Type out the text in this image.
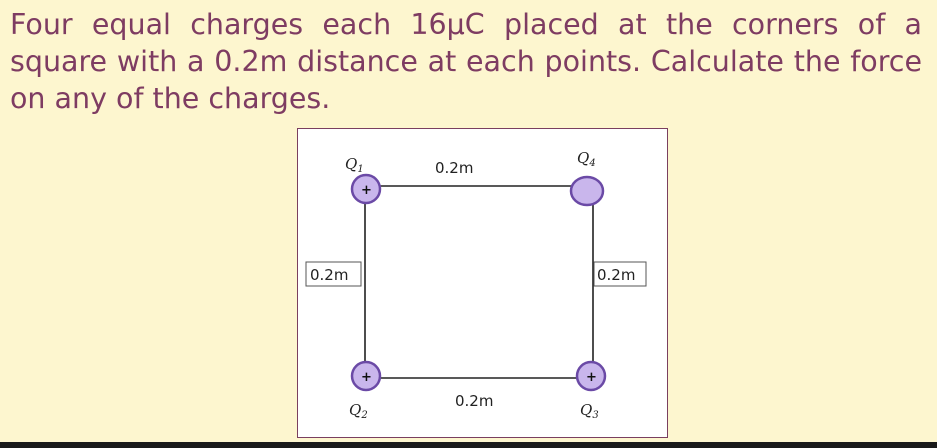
Four equal charges each 16μC placed at the corners of a square with a 0.2m distance at each points. Calculate the force on any of the charges.

0.2m
0.2m
0.2m	0.2m
+
$Q_1$
$Q_4$
+
$Q_2$
+
$Q_3$
